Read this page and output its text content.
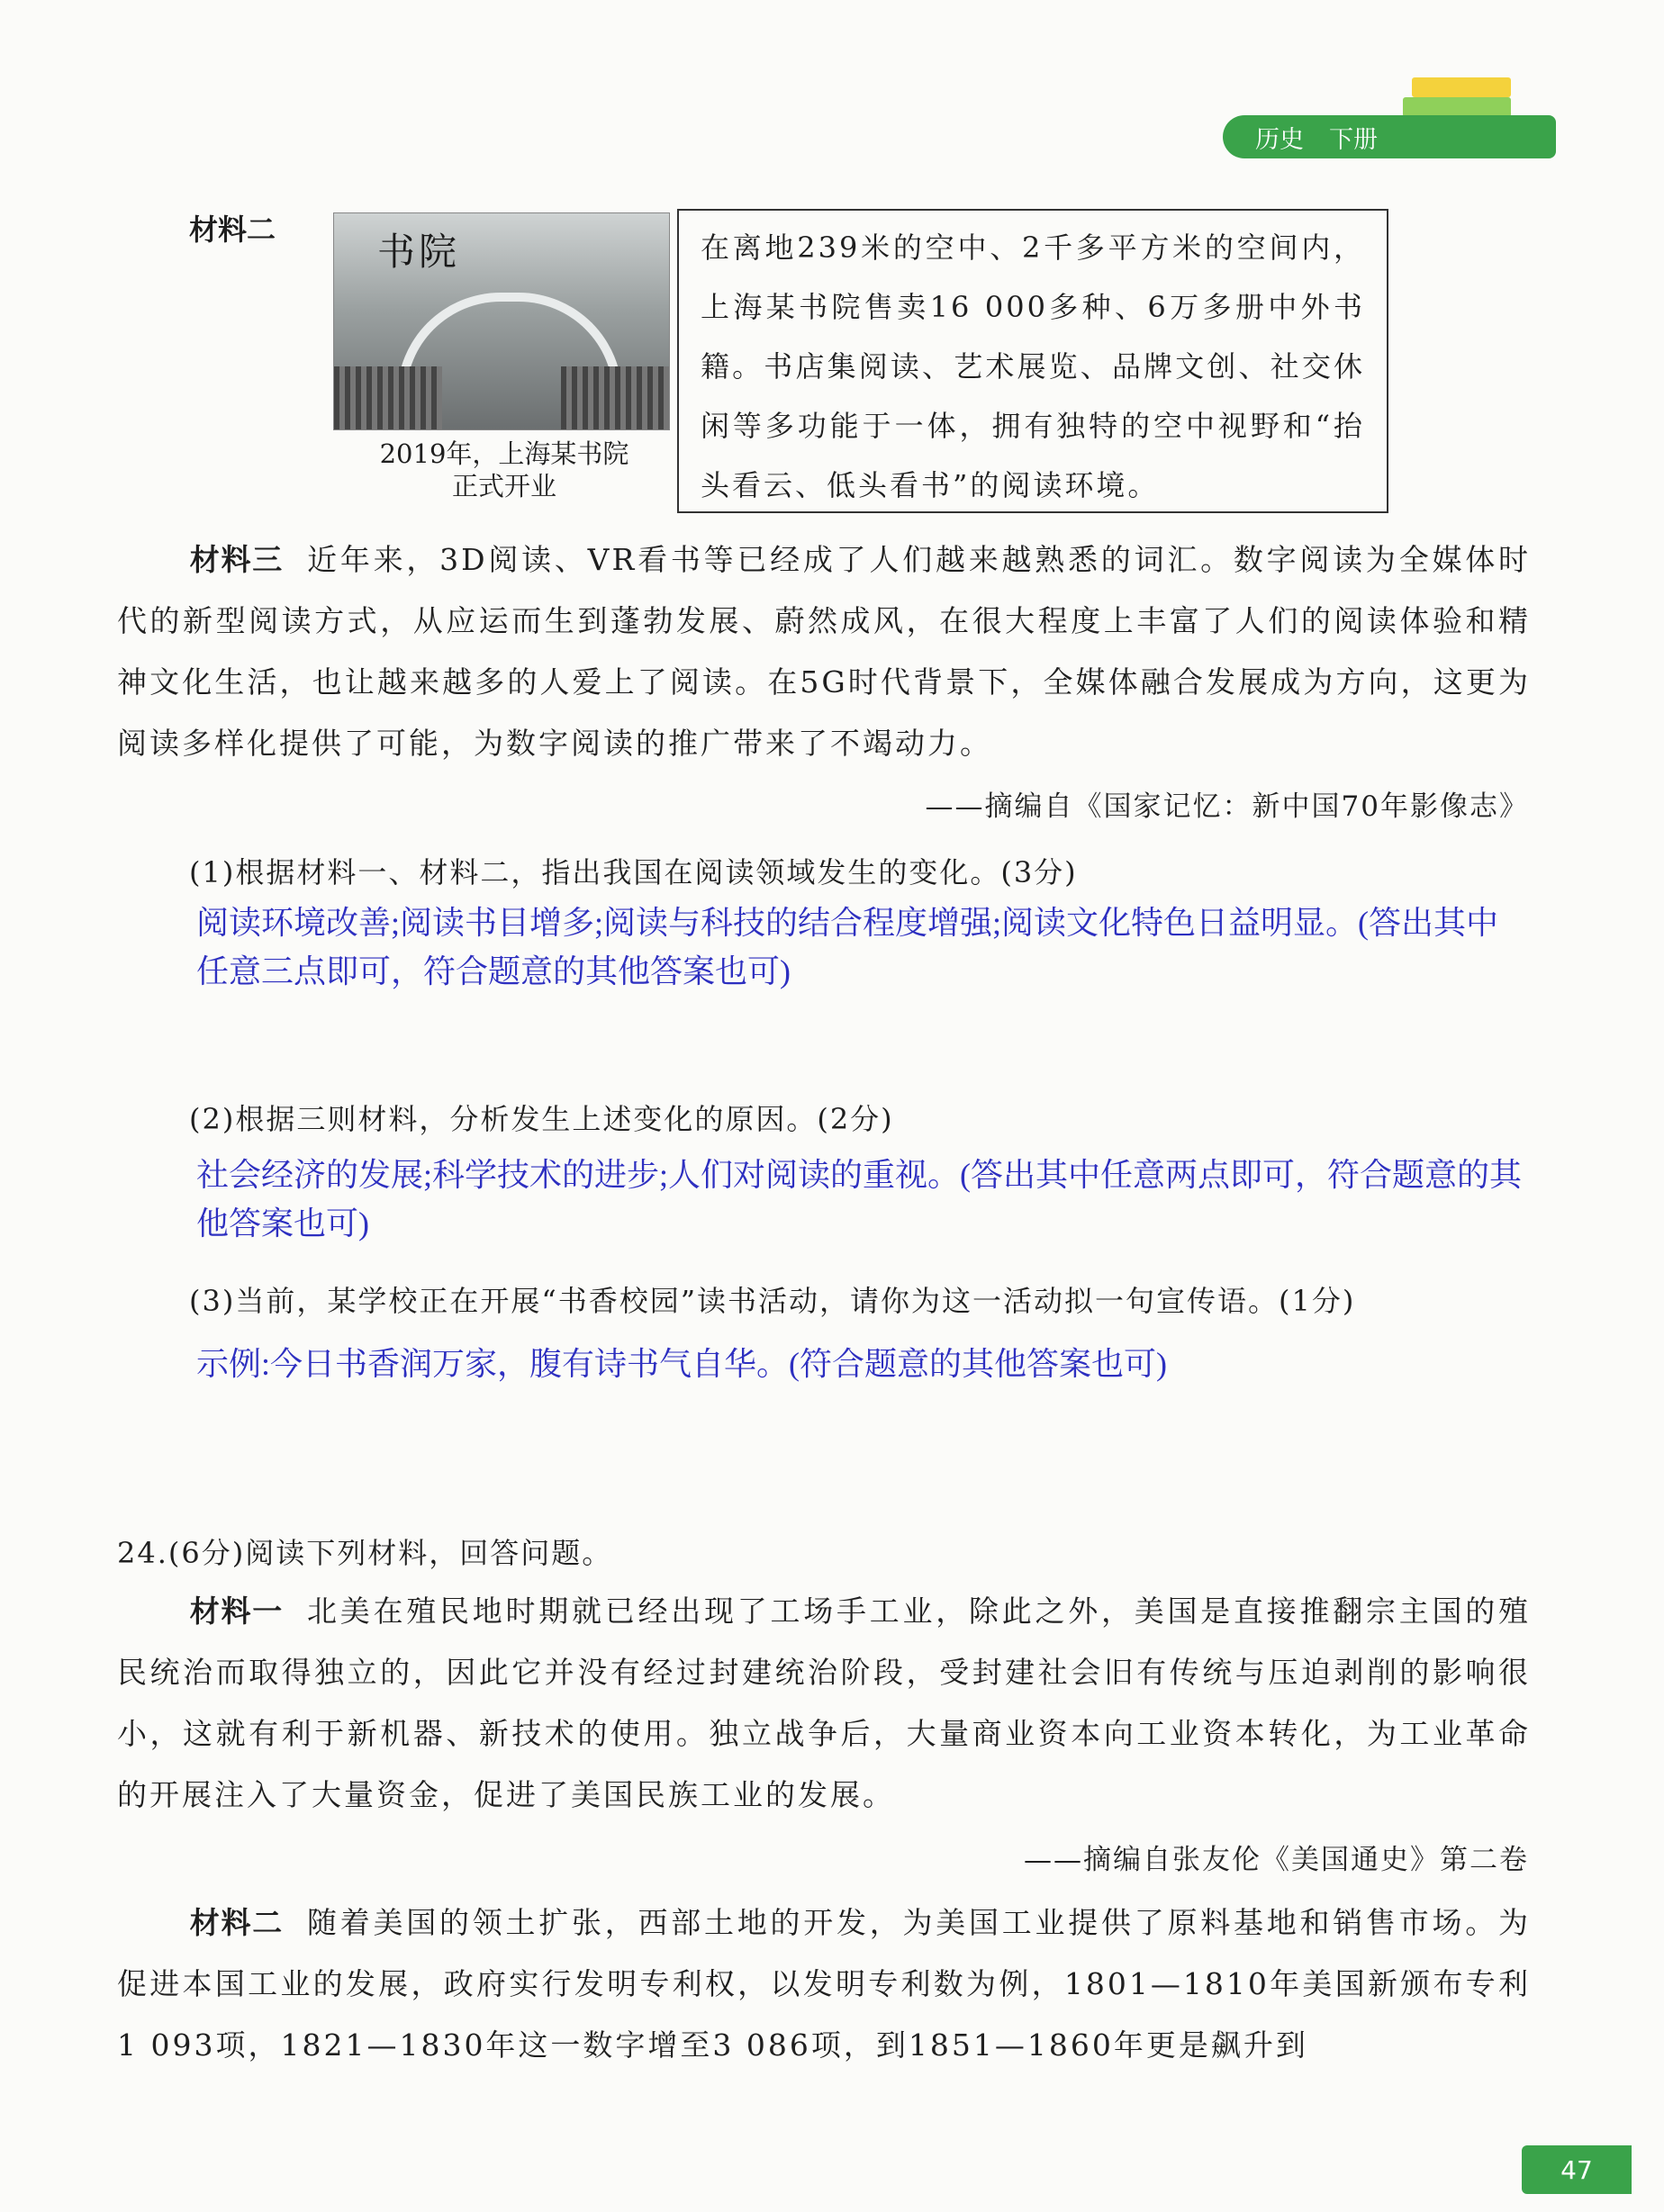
历史 下册
材料二	书院
2019年，上海某书院
正式开业
在离地239米的空中、2千多平方米的空间内，上海某书院售卖16 000多种、6万多册中外书籍。书店集阅读、艺术展览、品牌文创、社交休闲等多功能于一体，拥有独特的空中视野和“抬头看云、低头看书”的阅读环境。
材料三 近年来，3D阅读、VR看书等已经成了人们越来越熟悉的词汇。数字阅读为全媒体时代的新型阅读方式，从应运而生到蓬勃发展、蔚然成风，在很大程度上丰富了人们的阅读体验和精神文化生活，也让越来越多的人爱上了阅读。在5G时代背景下，全媒体融合发展成为方向，这更为阅读多样化提供了可能，为数字阅读的推广带来了不竭动力。
——摘编自《国家记忆：新中国70年影像志》
(1)根据材料一、材料二，指出我国在阅读领域发生的变化。(3分)
阅读环境改善;阅读书目增多;阅读与科技的结合程度增强;阅读文化特色日益明显。(答出其中任意三点即可，符合题意的其他答案也可)
(2)根据三则材料，分析发生上述变化的原因。(2分)
社会经济的发展;科学技术的进步;人们对阅读的重视。(答出其中任意两点即可，符合题意的其他答案也可)
(3)当前，某学校正在开展“书香校园”读书活动，请你为这一活动拟一句宣传语。(1分)
示例:今日书香润万家，腹有诗书气自华。(符合题意的其他答案也可)
24.(6分)阅读下列材料，回答问题。
材料一 北美在殖民地时期就已经出现了工场手工业，除此之外，美国是直接推翻宗主国的殖民统治而取得独立的，因此它并没有经过封建统治阶段，受封建社会旧有传统与压迫剥削的影响很小，这就有利于新机器、新技术的使用。独立战争后，大量商业资本向工业资本转化，为工业革命的开展注入了大量资金，促进了美国民族工业的发展。
——摘编自张友伦《美国通史》第二卷
材料二 随着美国的领土扩张，西部土地的开发，为美国工业提供了原料基地和销售市场。为促进本国工业的发展，政府实行发明专利权，以发明专利数为例，1801—1810年美国新颁布专利1 093项，1821—1830年这一数字增至3 086项，到1851—1860年更是飙升到
47
